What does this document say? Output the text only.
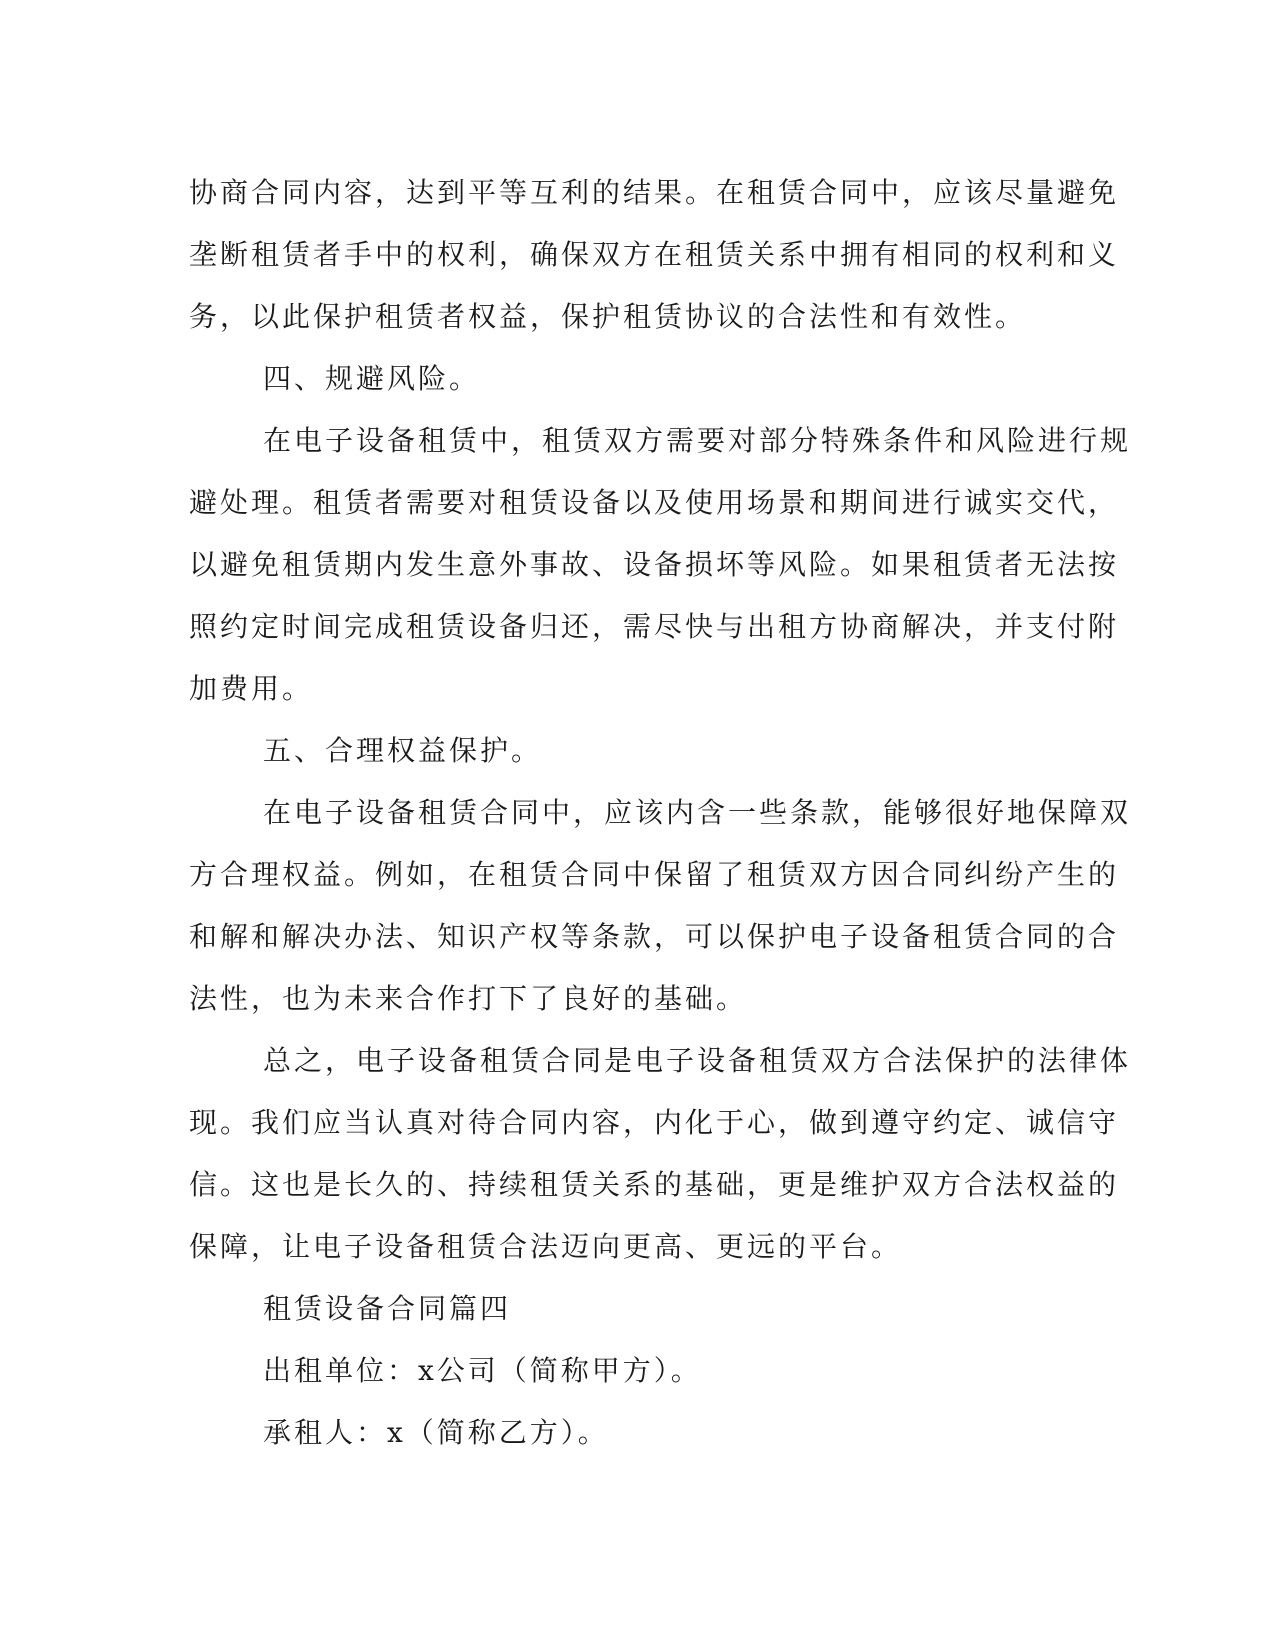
协商合同内容，达到平等互利的结果。在租赁合同中，应该尽量避免
垄断租赁者手中的权利，确保双方在租赁关系中拥有相同的权利和义
务，以此保护租赁者权益，保护租赁协议的合法性和有效性。
四、规避风险。
在电子设备租赁中，租赁双方需要对部分特殊条件和风险进行规
避处理。租赁者需要对租赁设备以及使用场景和期间进行诚实交代，
以避免租赁期内发生意外事故、设备损坏等风险。如果租赁者无法按
照约定时间完成租赁设备归还，需尽快与出租方协商解决，并支付附
加费用。
五、合理权益保护。
在电子设备租赁合同中，应该内含一些条款，能够很好地保障双
方合理权益。例如，在租赁合同中保留了租赁双方因合同纠纷产生的
和解和解决办法、知识产权等条款，可以保护电子设备租赁合同的合
法性，也为未来合作打下了良好的基础。
总之，电子设备租赁合同是电子设备租赁双方合法保护的法律体
现。我们应当认真对待合同内容，内化于心，做到遵守约定、诚信守
信。这也是长久的、持续租赁关系的基础，更是维护双方合法权益的
保障，让电子设备租赁合法迈向更高、更远的平台。
租赁设备合同篇四
出租单位：x公司（简称甲方）。
承租人：x（简称乙方）。
